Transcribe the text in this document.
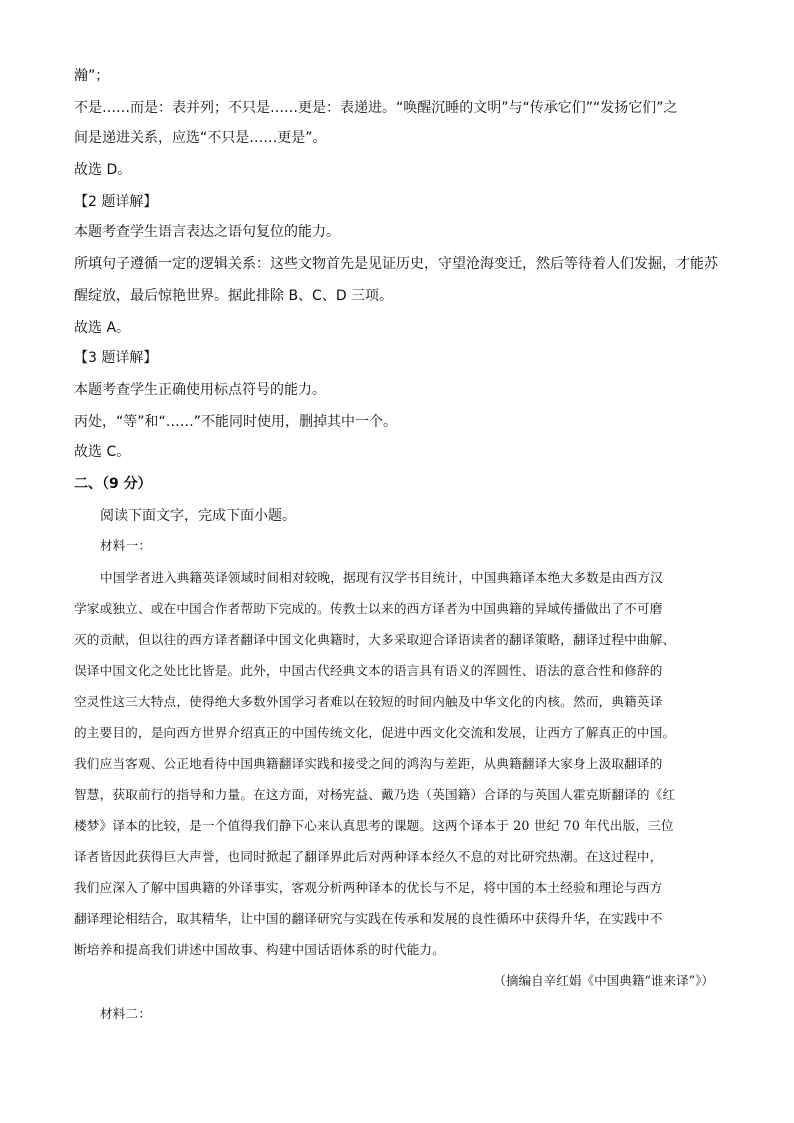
瀚”；
不是……而是：表并列；不只是……更是：表递进。“唤醒沉睡的文明”与“传承它们”“发扬它们”之
间是递进关系，应选“不只是……更是”。
故选 D。
【2 题详解】
本题考查学生语言表达之语句复位的能力。
所填句子遵循一定的逻辑关系：这些文物首先是见证历史，守望沧海变迁，然后等待着人们发掘，才能苏
醒绽放，最后惊艳世界。据此排除 B、C、D 三项。
故选 A。
【3 题详解】
本题考查学生正确使用标点符号的能力。
丙处，“等”和“……”不能同时使用，删掉其中一个。
故选 C。
二、（9 分）
阅读下面文字，完成下面小题。
材料一：
中国学者进入典籍英译领域时间相对较晚，据现有汉学书目统计，中国典籍译本绝大多数是由西方汉
学家或独立、或在中国合作者帮助下完成的。传教士以来的西方译者为中国典籍的异域传播做出了不可磨
灭的贡献，但以往的西方译者翻译中国文化典籍时，大多采取迎合译语读者的翻译策略，翻译过程中曲解、
误译中国文化之处比比皆是。此外，中国古代经典文本的语言具有语义的浑圆性、语法的意合性和修辞的
空灵性这三大特点，使得绝大多数外国学习者难以在较短的时间内触及中华文化的内核。然而，典籍英译
的主要目的，是向西方世界介绍真正的中国传统文化，促进中西文化交流和发展，让西方了解真正的中国。
我们应当客观、公正地看待中国典籍翻译实践和接受之间的鸿沟与差距，从典籍翻译大家身上汲取翻译的
智慧，获取前行的指导和力量。在这方面，对杨宪益、戴乃迭（英国籍）合译的与英国人霍克斯翻译的《红
楼梦》译本的比较，是一个值得我们静下心来认真思考的课题。这两个译本于 20 世纪 70 年代出版，三位
译者皆因此获得巨大声誉，也同时掀起了翻译界此后对两种译本经久不息的对比研究热潮。在这过程中，
我们应深入了解中国典籍的外译事实，客观分析两种译本的优长与不足，将中国的本土经验和理论与西方
翻译理论相结合，取其精华，让中国的翻译研究与实践在传承和发展的良性循环中获得升华，在实践中不
断培养和提高我们讲述中国故事、构建中国话语体系的时代能力。
（摘编自辛红娟《中国典籍“谁来译”》）
材料二：
